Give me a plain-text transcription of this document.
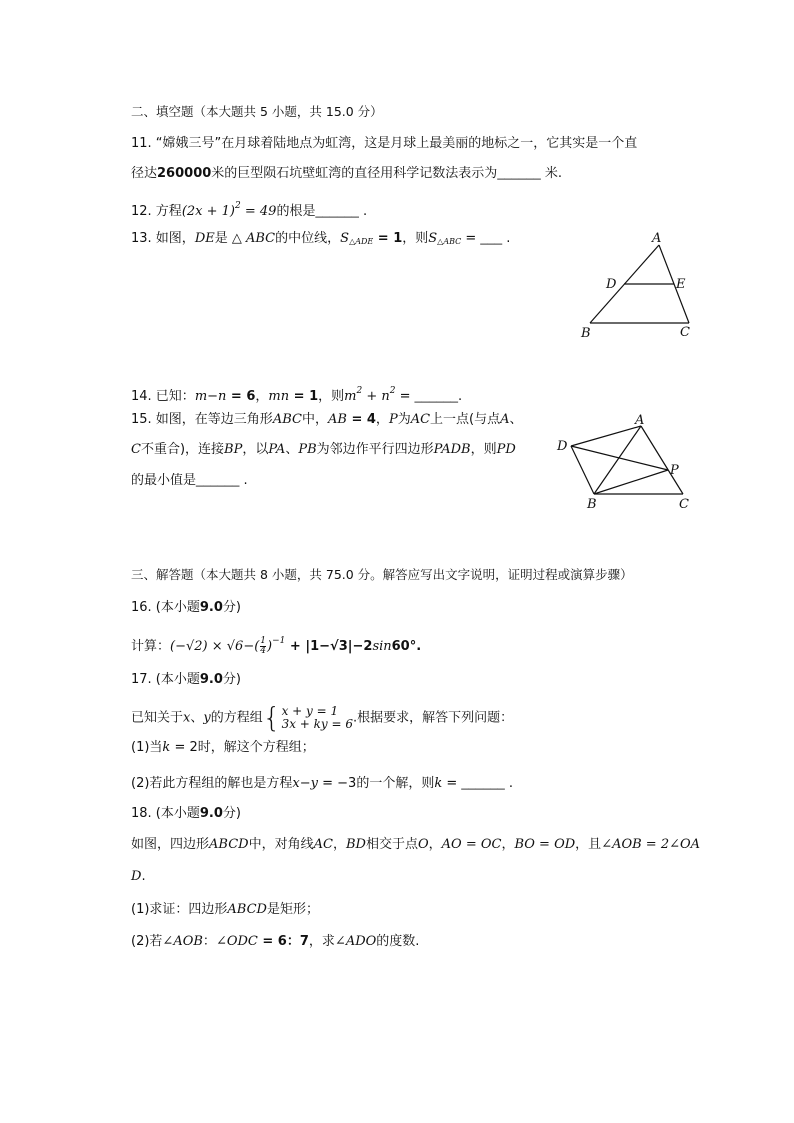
二、填空题（本大题共 5 小题，共 15.0 分）
11. “嫦娥三号”在月球着陆地点为虹湾，这是月球上最美丽的地标之一，它其实是一个直
径达260000米的巨型陨石坑壁虹湾的直径用科学记数法表示为______ 米.
12. 方程$(2x + 1)^2 = 49$的根是______ .
13. 如图，DE是 △ ABC的中位线，$S_{\triangle ADE} = 1$，则$S_{\triangle ABC}$ = ___ .
14. 已知：m−n = 6，mn = 1，则$m^2 + n^2$ = ______.
15. 如图，在等边三角形ABC中，AB = 4，P为AC上一点(与点A、
C不重合)，连接BP，以PA、PB为邻边作平行四边形PADB，则PD
的最小值是______ .
三、解答题（本大题共 8 小题，共 75.0 分。解答应写出文字说明，证明过程或演算步骤）
16. (本小题9.0分)
计算：$(-√2) \times √6-( \frac{1}{4} )^{-1} + |1-√3|-2\sin 60^\circ$.
17. (本小题9.0分)
已知关于x、y的方程组 { x + y = 1
3x + ky = 6 .根据要求，解答下列问题：
(1)当k = 2时，解这个方程组；
(2)若此方程组的解也是方程x−y = −3的一个解，则k = ______ .
18. (本小题9.0分)
如图，四边形ABCD中，对角线AC，BD相交于点O，AO = OC，BO = OD，且∠AOB = 2∠OA
D.
(1)求证：四边形ABCD是矩形；
(2)若∠AOB：∠ODC = 6：7，求∠ADO的度数.
A
D	E
B	C
A
D
P
B	C
